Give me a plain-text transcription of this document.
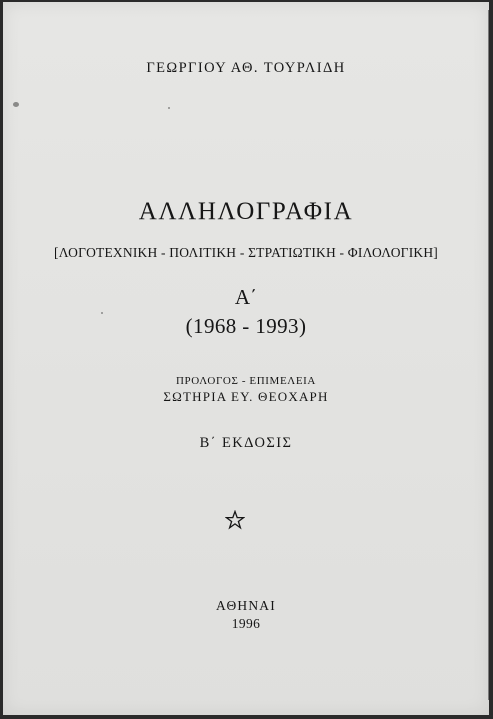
ΓΕΩΡΓΙΟΥ ΑΘ. ΤΟΥΡΛΙΔΗ
ΑΛΛΗΛΟΓΡΑΦΙΑ
[ΛΟΓΟΤΕΧΝΙΚΗ - ΠΟΛΙΤΙΚΗ - ΣΤΡΑΤΙΩΤΙΚΗ - ΦΙΛΟΛΟΓΙΚΗ]
Α΄
(1968 - 1993)
ΠΡΟΛΟΓΟΣ - ΕΠΙΜΕΛΕΙΑ
ΣΩΤΗΡΙΑ ΕΥ. ΘΕΟΧΑΡΗ
Β΄ ΕΚΔΟΣΙΣ
ΑΘΗΝΑΙ
1996
